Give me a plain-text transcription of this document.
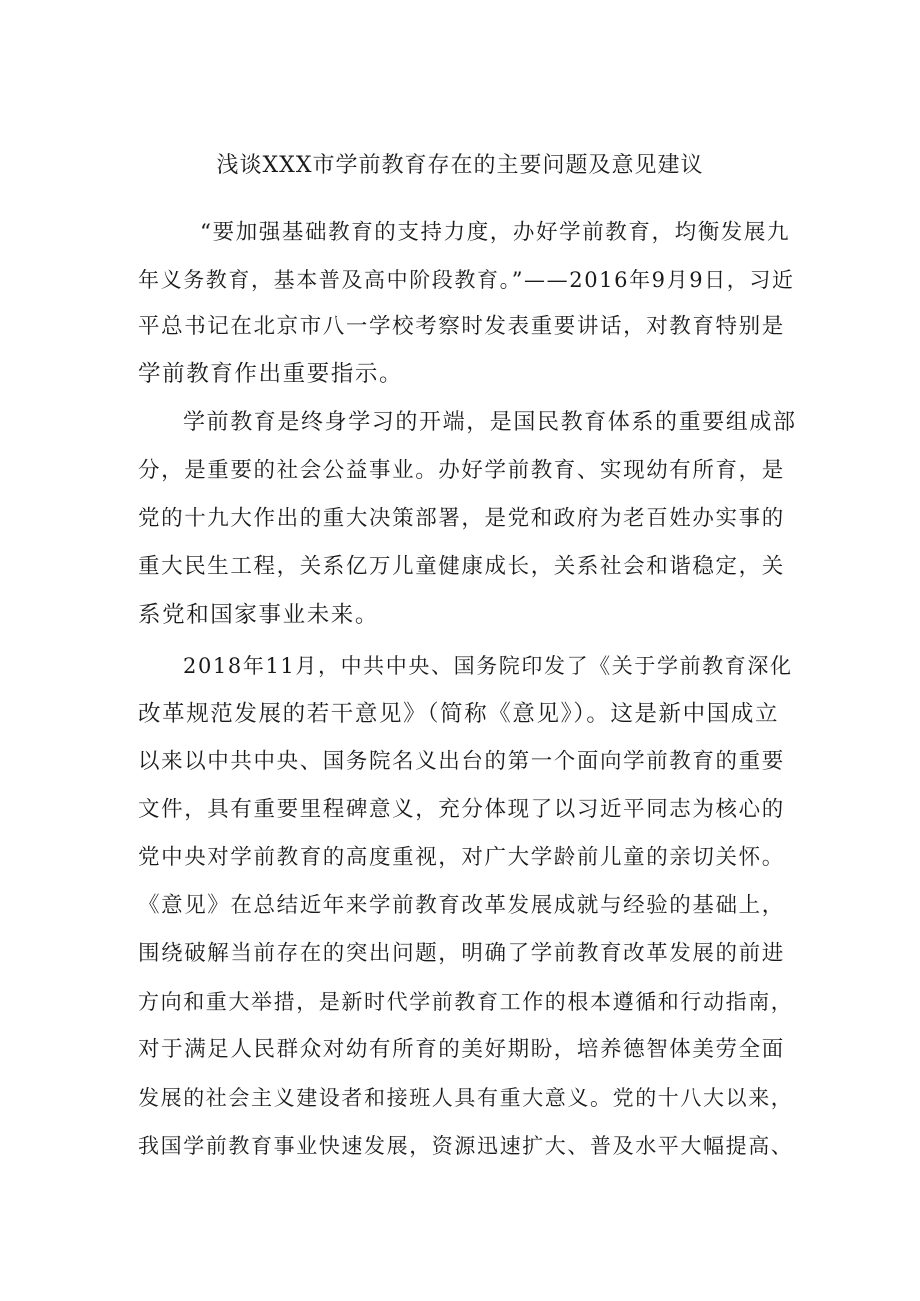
浅谈XXX市学前教育存在的主要问题及意见建议
“要加强基础教育的支持力度，办好学前教育，均衡发展九
年义务教育，基本普及高中阶段教育。”——2016年9月9日，习近
平总书记在北京市八一学校考察时发表重要讲话，对教育特别是
学前教育作出重要指示。
学前教育是终身学习的开端，是国民教育体系的重要组成部
分，是重要的社会公益事业。办好学前教育、实现幼有所育，是
党的十九大作出的重大决策部署，是党和政府为老百姓办实事的
重大民生工程，关系亿万儿童健康成长，关系社会和谐稳定，关
系党和国家事业未来。
2018年11月，中共中央、国务院印发了《关于学前教育深化
改革规范发展的若干意见》（简称《意见》）。这是新中国成立
以来以中共中央、国务院名义出台的第一个面向学前教育的重要
文件，具有重要里程碑意义，充分体现了以习近平同志为核心的
党中央对学前教育的高度重视，对广大学龄前儿童的亲切关怀。
《意见》在总结近年来学前教育改革发展成就与经验的基础上，
围绕破解当前存在的突出问题，明确了学前教育改革发展的前进
方向和重大举措，是新时代学前教育工作的根本遵循和行动指南，
对于满足人民群众对幼有所育的美好期盼，培养德智体美劳全面
发展的社会主义建设者和接班人具有重大意义。党的十八大以来，
我国学前教育事业快速发展，资源迅速扩大、普及水平大幅提高、
